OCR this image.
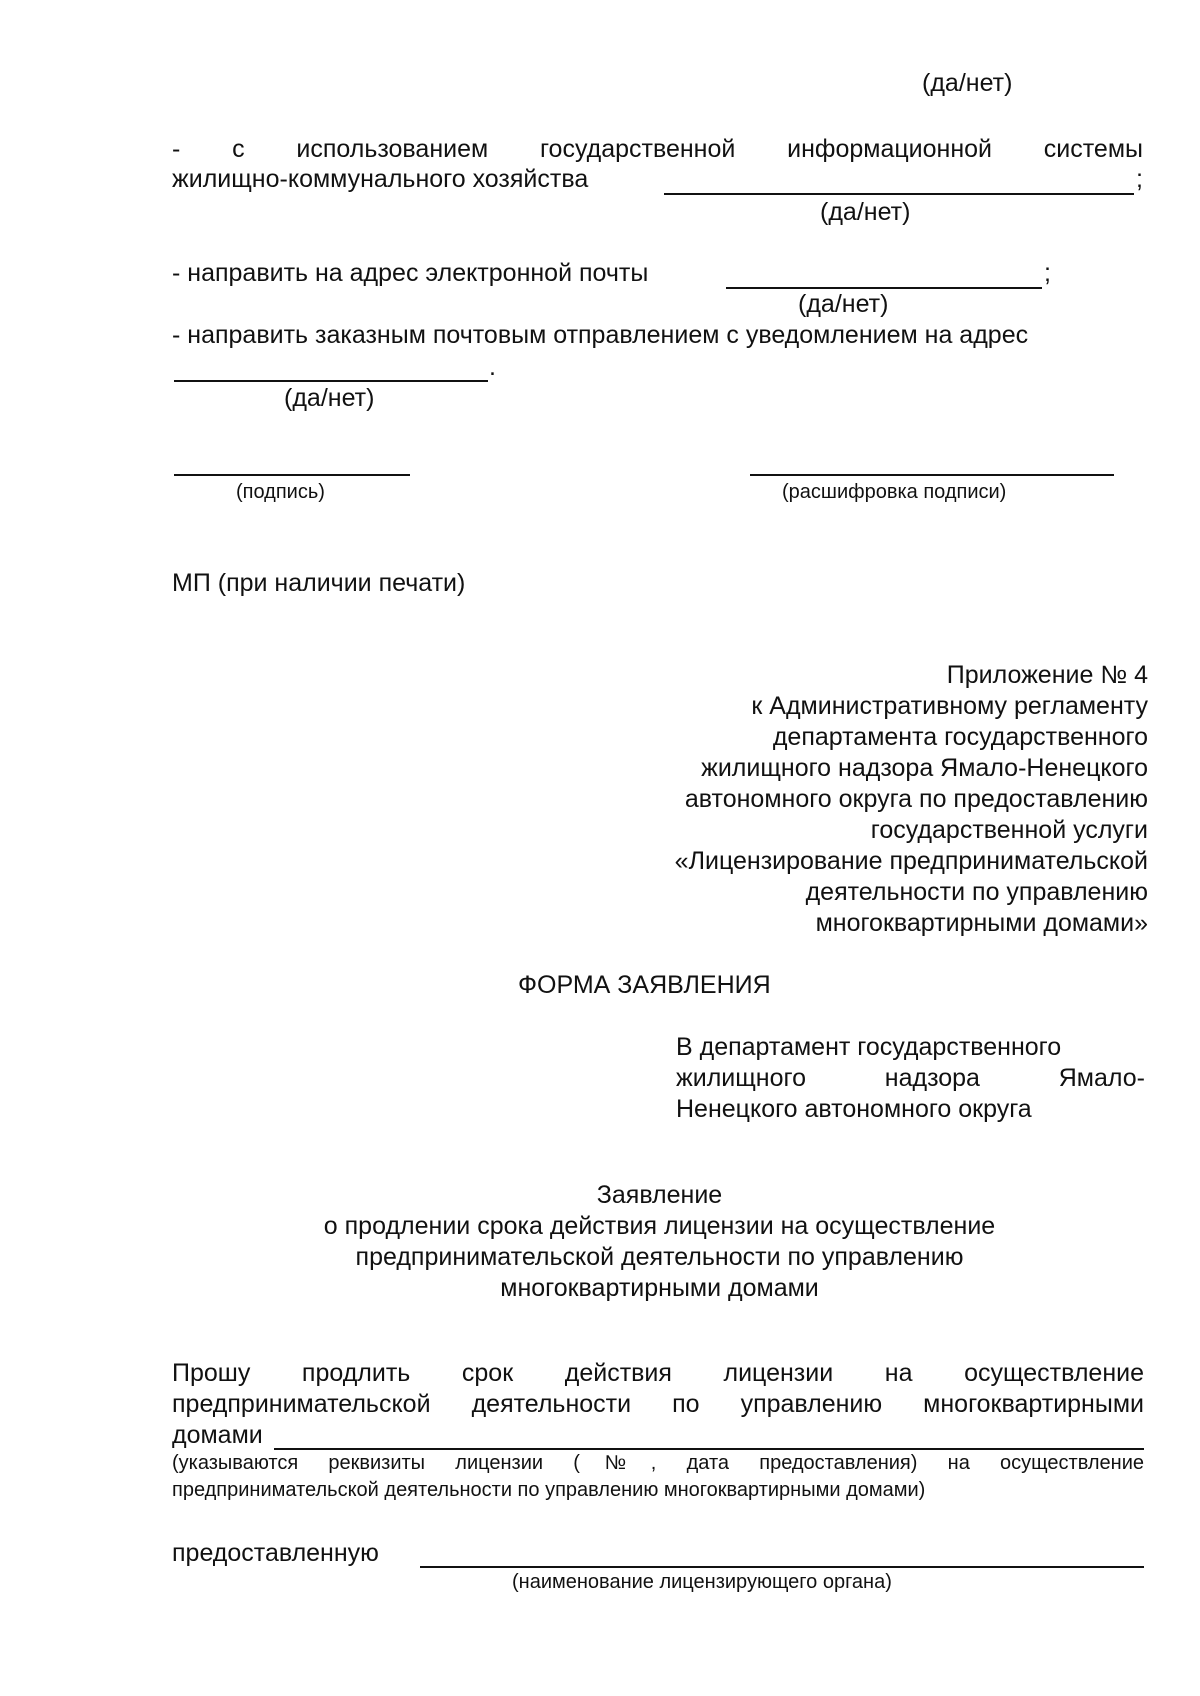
(да/нет)
- с использованием государственной информационной системы
жилищно-коммунального хозяйства	;
(да/нет)
- направить на адрес электронной почты	;
(да/нет)
- направить заказным почтовым отправлением с уведомлением на адрес
.
(да/нет)
(подпись)	(расшифровка подписи)
МП (при наличии печати)
Приложение № 4
к Административному регламенту
департамента государственного
жилищного надзора Ямало-Ненецкого
автономного округа по предоставлению
государственной услуги
«Лицензирование предпринимательской
деятельности по управлению
многоквартирными домами»
ФОРМА ЗАЯВЛЕНИЯ
В департамент государственного
жилищного надзора Ямало-
Ненецкого автономного округа
Заявление
о продлении срока действия лицензии на осуществление
предпринимательской деятельности по управлению
многоквартирными домами
Прошу продлить срок действия лицензии на осуществление
предпринимательской деятельности по управлению многоквартирными
домами
(указываются реквизиты лицензии (№, дата предоставления) на осуществление
предпринимательской деятельности по управлению многоквартирными домами)
предоставленную
(наименование лицензирующего органа)
